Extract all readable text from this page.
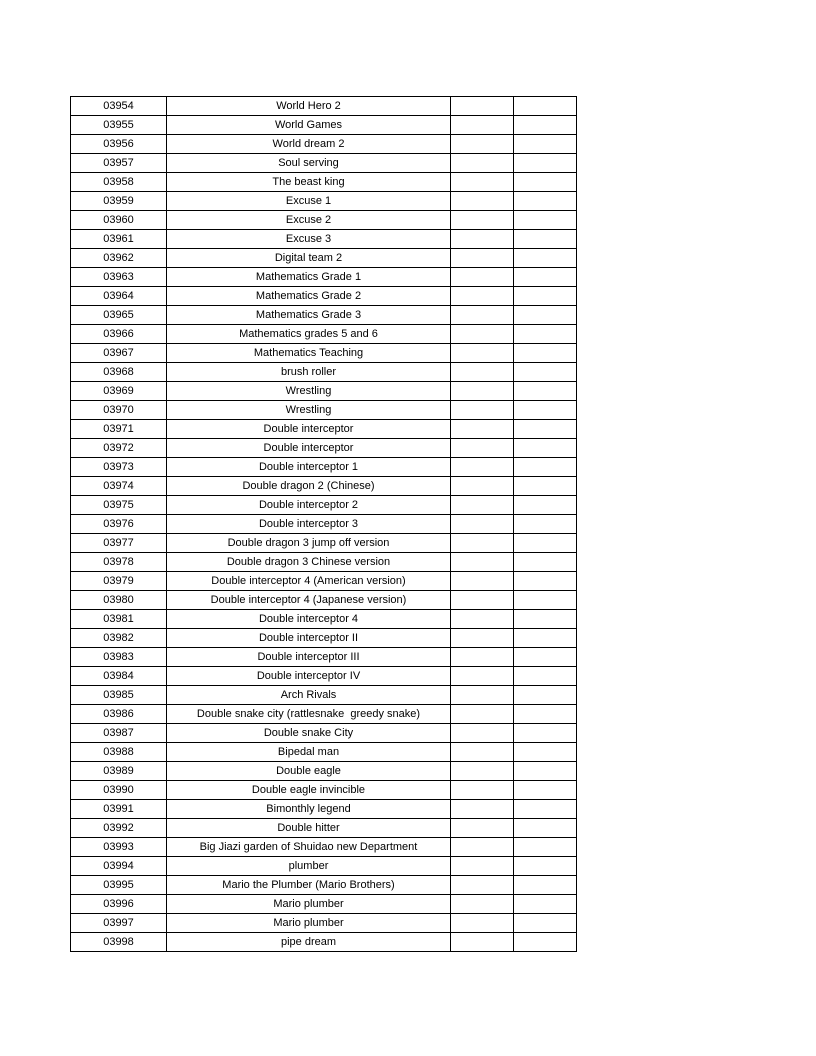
03954	World Hero 2		
03955	World Games		
03956	World dream 2		
03957	Soul serving		
03958	The beast king		
03959	Excuse 1		
03960	Excuse 2		
03961	Excuse 3		
03962	Digital team 2		
03963	Mathematics Grade 1		
03964	Mathematics Grade 2		
03965	Mathematics Grade 3		
03966	Mathematics grades 5 and 6		
03967	Mathematics Teaching		
03968	brush roller		
03969	Wrestling		
03970	Wrestling		
03971	Double interceptor		
03972	Double interceptor		
03973	Double interceptor 1		
03974	Double dragon 2 (Chinese)		
03975	Double interceptor 2		
03976	Double interceptor 3		
03977	Double dragon 3 jump off version		
03978	Double dragon 3 Chinese version		
03979	Double interceptor 4 (American version)		
03980	Double interceptor 4 (Japanese version)		
03981	Double interceptor 4		
03982	Double interceptor II		
03983	Double interceptor III		
03984	Double interceptor IV		
03985	Arch Rivals		
03986	Double snake city (rattlesnake  greedy snake)		
03987	Double snake City		
03988	Bipedal man		
03989	Double eagle		
03990	Double eagle invincible		
03991	Bimonthly legend		
03992	Double hitter		
03993	Big Jiazi garden of Shuidao new Department		
03994	plumber		
03995	Mario the Plumber (Mario Brothers)		
03996	Mario plumber		
03997	Mario plumber		
03998	pipe dream		
